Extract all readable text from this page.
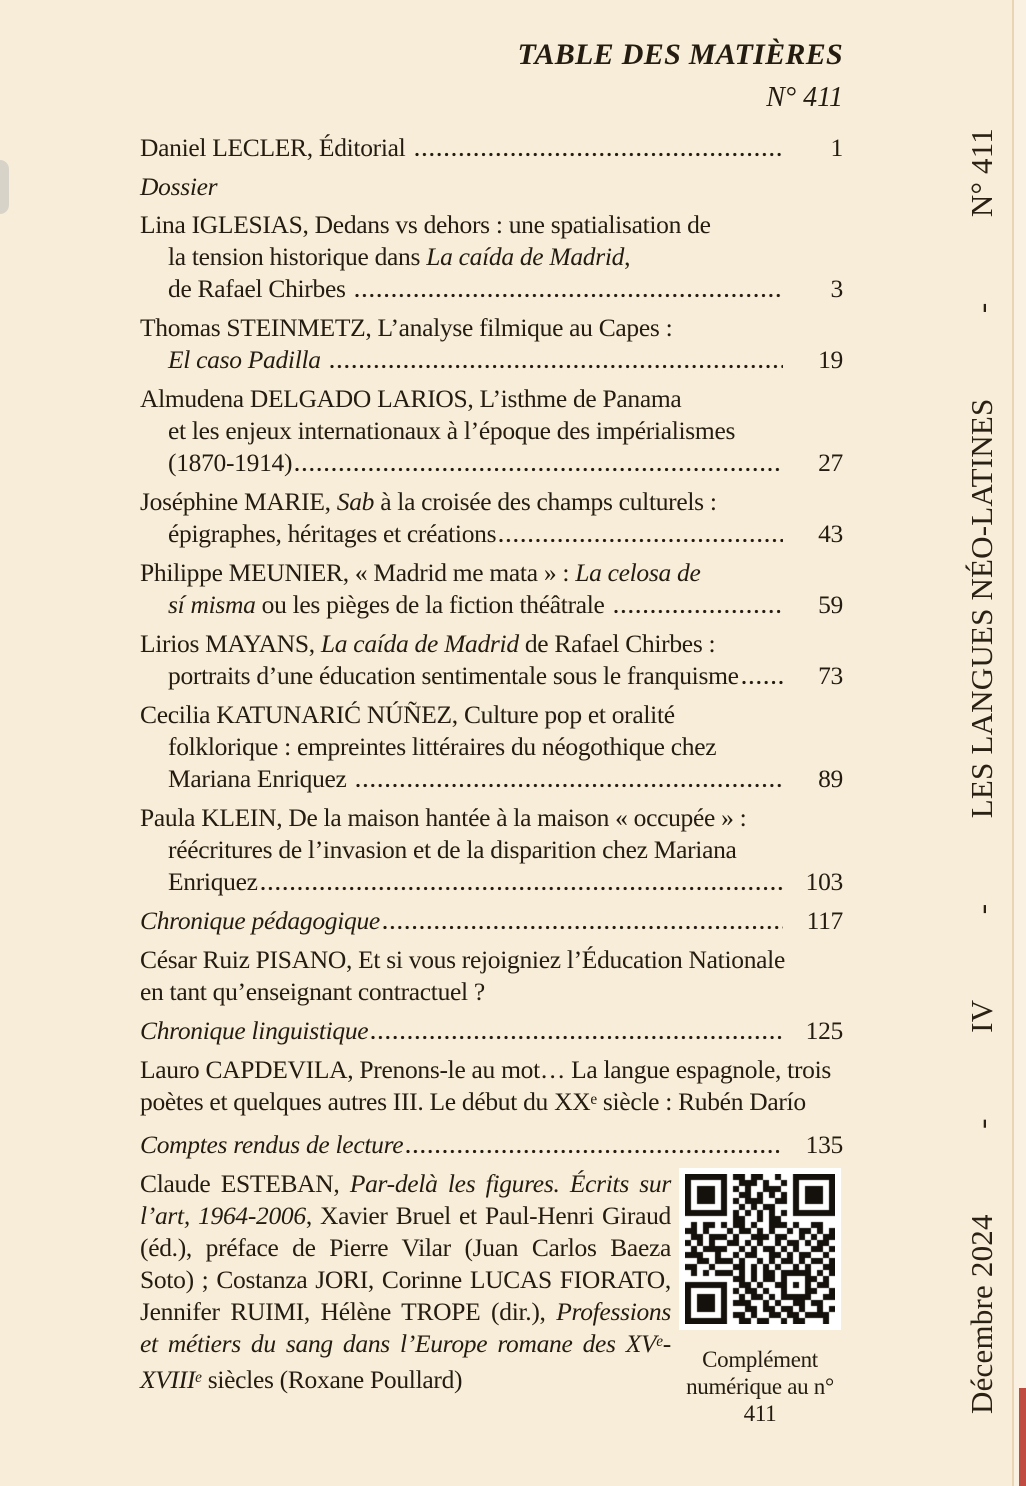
TABLE DES MATIÈRES
N° 411
Daniel LECLER, Éditorial	1
Dossier
Lina IGLESIAS, Dedans vs dehors : une spatialisation de
la tension historique dans La caída de Madrid,
de Rafael Chirbes	3
Thomas STEINMETZ, L’analyse filmique au Capes :
El caso Padilla	19
Almudena DELGADO LARIOS, L’isthme de Panama
et les enjeux internationaux à l’époque des impérialismes
(1870-1914)	27
Joséphine MARIE, Sab à la croisée des champs culturels :
épigraphes, héritages et créations	43
Philippe MEUNIER, « Madrid me mata » : La celosa de
sí misma ou les pièges de la fiction théâtrale	59
Lirios MAYANS, La caída de Madrid de Rafael Chirbes :
portraits d’une éducation sentimentale sous le franquisme	73
Cecilia KATUNARIĆ NÚÑEZ, Culture pop et oralité
folklorique : empreintes littéraires du néogothique chez
Mariana Enriquez	89
Paula KLEIN, De la maison hantée à la maison « occupée » :
réécritures de l’invasion et de la disparition chez Mariana
Enriquez	103
Chronique pédagogique	117
César Ruiz PISANO, Et si vous rejoigniez l’Éducation Nationale
en tant qu’enseignant contractuel ?
Chronique linguistique	125
Lauro CAPDEVILA, Prenons-le au mot… La langue espagnole, trois
poètes et quelques autres III. Le début du XXe siècle : Rubén Darío
Comptes rendus de lecture	135

Claude ESTEBAN, Par-delà les figures. Écrits sur l’art, 1964-2006, Xavier Bruel et Paul-Henri Giraud (éd.), préface de Pierre Vilar (Juan Carlos Baeza Soto) ; Costanza JORI, Corinne LUCAS FIORATO, Jennifer RUIMI, Hélène TROPE (dir.), Professions et métiers du sang dans l’Europe romane des XVe-XVIIIe siècles (Roxane Poullard)

Complément
numérique au n° 411	Décembre 2024
-
IV
-
LES LANGUES NÉO-LATINES
-
N° 411
